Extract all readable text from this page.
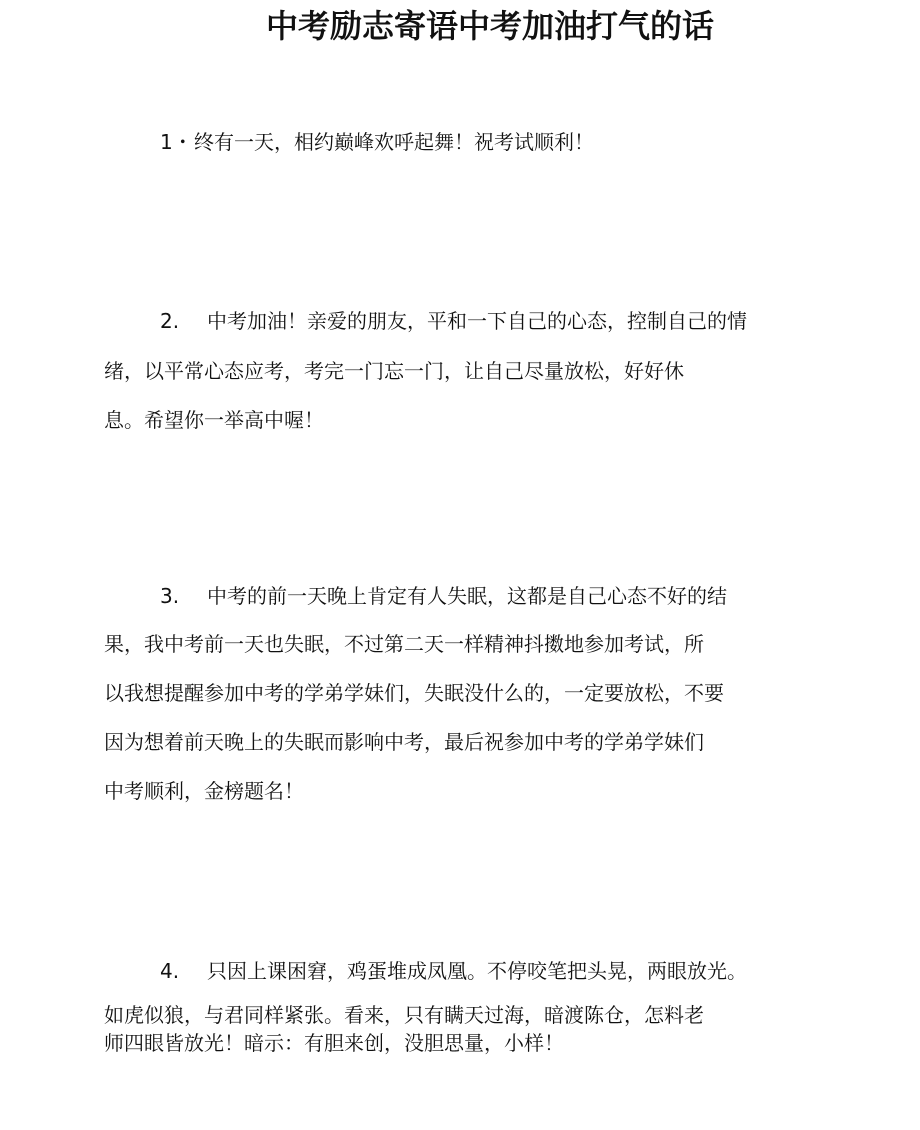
中考励志寄语中考加油打气的话
1・终有一天，相约巅峰欢呼起舞！祝考试顺利！
2. 中考加油！亲爱的朋友，平和一下自己的心态，控制自己的情
绪，以平常心态应考，考完一门忘一门，让自己尽量放松，好好休
息。希望你一举高中喔！
3. 中考的前一天晚上肯定有人失眠，这都是自己心态不好的结
果，我中考前一天也失眠，不过第二天一样精神抖擞地参加考试，所
以我想提醒参加中考的学弟学妹们，失眠没什么的，一定要放松，不要
因为想着前天晚上的失眠而影响中考，最后祝参加中考的学弟学妹们
中考顺利，金榜题名！
4. 只因上课困窘，鸡蛋堆成凤凰。不停咬笔把头晃，两眼放光。
如虎似狼，与君同样紧张。看来，只有瞒天过海，暗渡陈仓，怎料老
师四眼皆放光！暗示：有胆来创，没胆思量，小样！
